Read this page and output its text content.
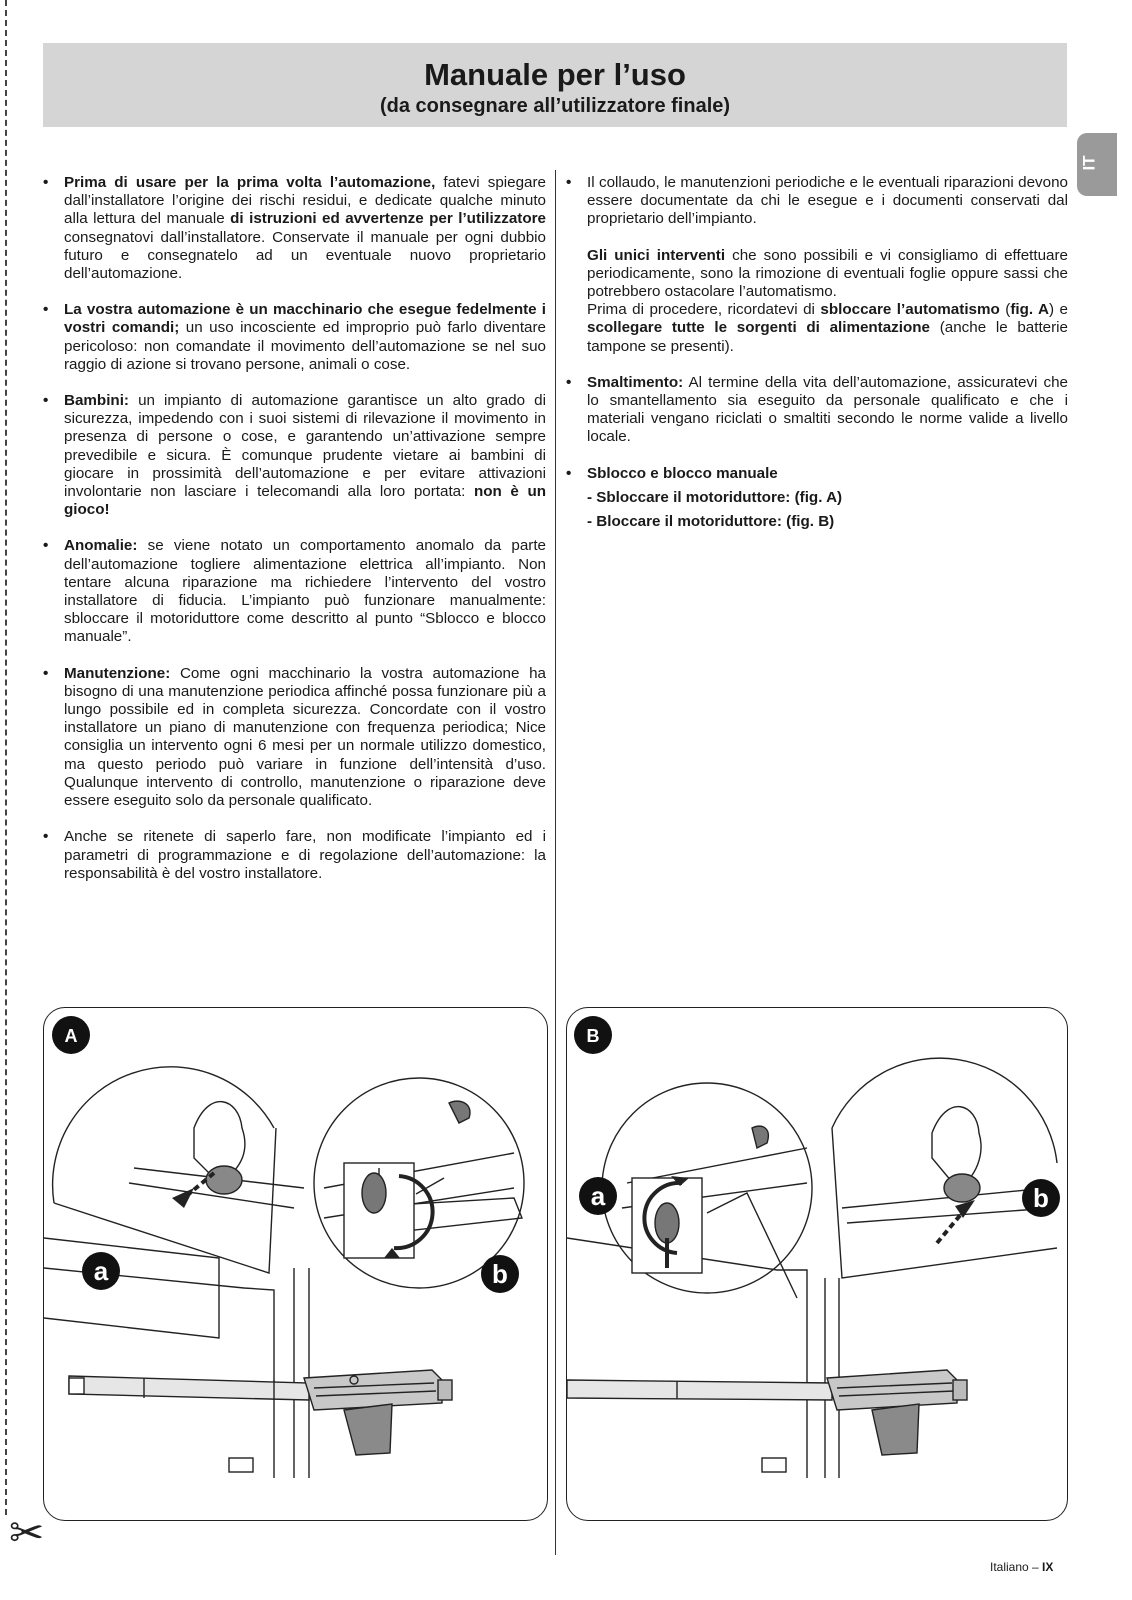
✂
Manuale per l’uso
(da consegnare all’utilizzatore finale)
IT
• Prima di usare per la prima volta l’automazione, fatevi spiegare dall’installatore l’origine dei rischi residui, e dedicate qualche minuto alla lettura del manuale di istruzioni ed avvertenze per l’utilizzatore consegnatovi dall’installatore. Conservate il manuale per ogni dubbio futuro e consegnatelo ad un eventuale nuovo proprietario dell’automazione.
• La vostra automazione è un macchinario che esegue fedelmente i vostri comandi; un uso incosciente ed improprio può farlo diventare pericoloso: non comandate il movimento dell’automazione se nel suo raggio di azione si trovano persone, animali o cose.
• Bambini: un impianto di automazione garantisce un alto grado di sicurezza, impedendo con i suoi sistemi di rilevazione il movimento in presenza di persone o cose, e garantendo un’attivazione sempre prevedibile e sicura. È comunque prudente vietare ai bambini di giocare in prossimità dell’automazione e per evitare attivazioni involontarie non lasciare i telecomandi alla loro portata: non è un gioco!
• Anomalie: se viene notato un comportamento anomalo da parte dell’automazione togliere alimentazione elettrica all’impianto. Non tentare alcuna riparazione ma richiedere l’intervento del vostro installatore di fiducia. L’impianto può funzionare manualmente: sbloccare il motoriduttore come descritto al punto “Sblocco e blocco manuale”.
• Manutenzione: Come ogni macchinario la vostra automazione ha bisogno di una manutenzione periodica affinché possa funzionare più a lungo possibile ed in completa sicurezza. Concordate con il vostro installatore un piano di manutenzione con frequenza periodica; Nice consiglia un intervento ogni 6 mesi per un normale utilizzo domestico, ma questo periodo può variare in funzione dell’intensità d’uso. Qualunque intervento di controllo, manutenzione o riparazione deve essere eseguito solo da personale qualificato.
• Anche se ritenete di saperlo fare, non modificate l’impianto ed i parametri di programmazione e di regolazione dell’automazione: la responsabilità è del vostro installatore.
• Il collaudo, le manutenzioni periodiche e le eventuali riparazioni devono essere documentate da chi le esegue e i documenti conservati dal proprietario dell’impianto.

Gli unici interventi che sono possibili e vi consigliamo di effettuare periodicamente, sono la rimozione di eventuali foglie oppure sassi che potrebbero ostacolare l’automatismo.

Prima di procedere, ricordatevi di sbloccare l’automatismo (fig. A) e scollegare tutte le sorgenti di alimentazione (anche le batterie tampone se presenti).

• Smaltimento: Al termine della vita dell’automazione, assicuratevi che lo smantellamento sia eseguito da personale qualificato e che i materiali vengano riciclati o smaltiti secondo le norme valide a livello locale.
• Sblocco e blocco manuale
- Sbloccare il motoriduttore: (fig. A)
- Bloccare il motoriduttore: (fig. B)
A
a	b
B
a	b
Italiano – IX
